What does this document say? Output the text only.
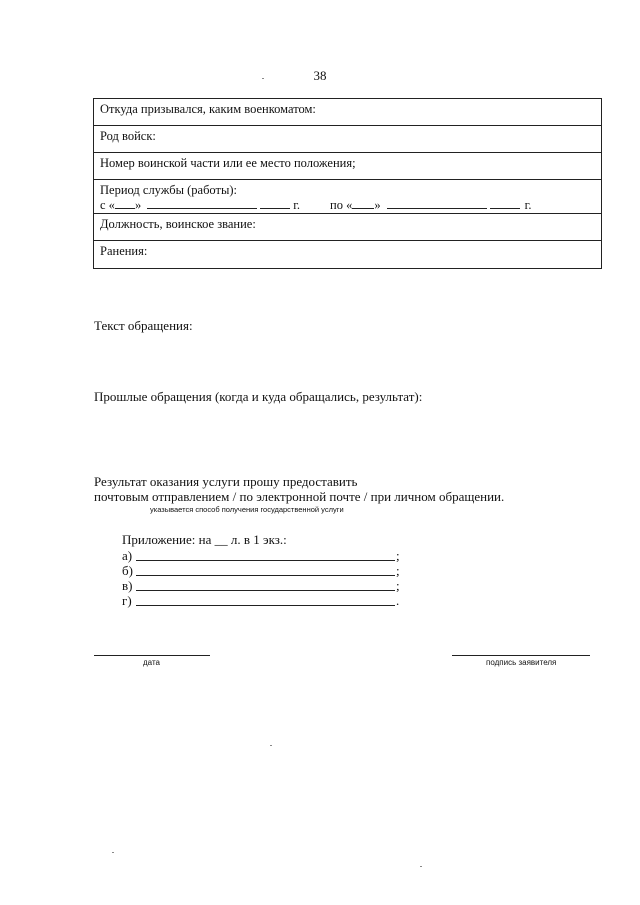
38
Откуда призывался, каким военкоматом:
Род войск:
Номер воинской части или ее место положения;

Период службы (работы):
с « »	г. по « »	г.

Должность, воинское звание:
Ранения:
Текст обращения:
Прошлые обращения (когда и куда обращались, результат):
Результат оказания услуги прошу предоставить
почтовым отправлением / по электронной почте / при личном обращении.
указывается способ получения государственной услуги
Приложение: на __ л. в 1 экз.:
а)	;
б)	;
в)	;
г)	.
дата	подпись заявителя
